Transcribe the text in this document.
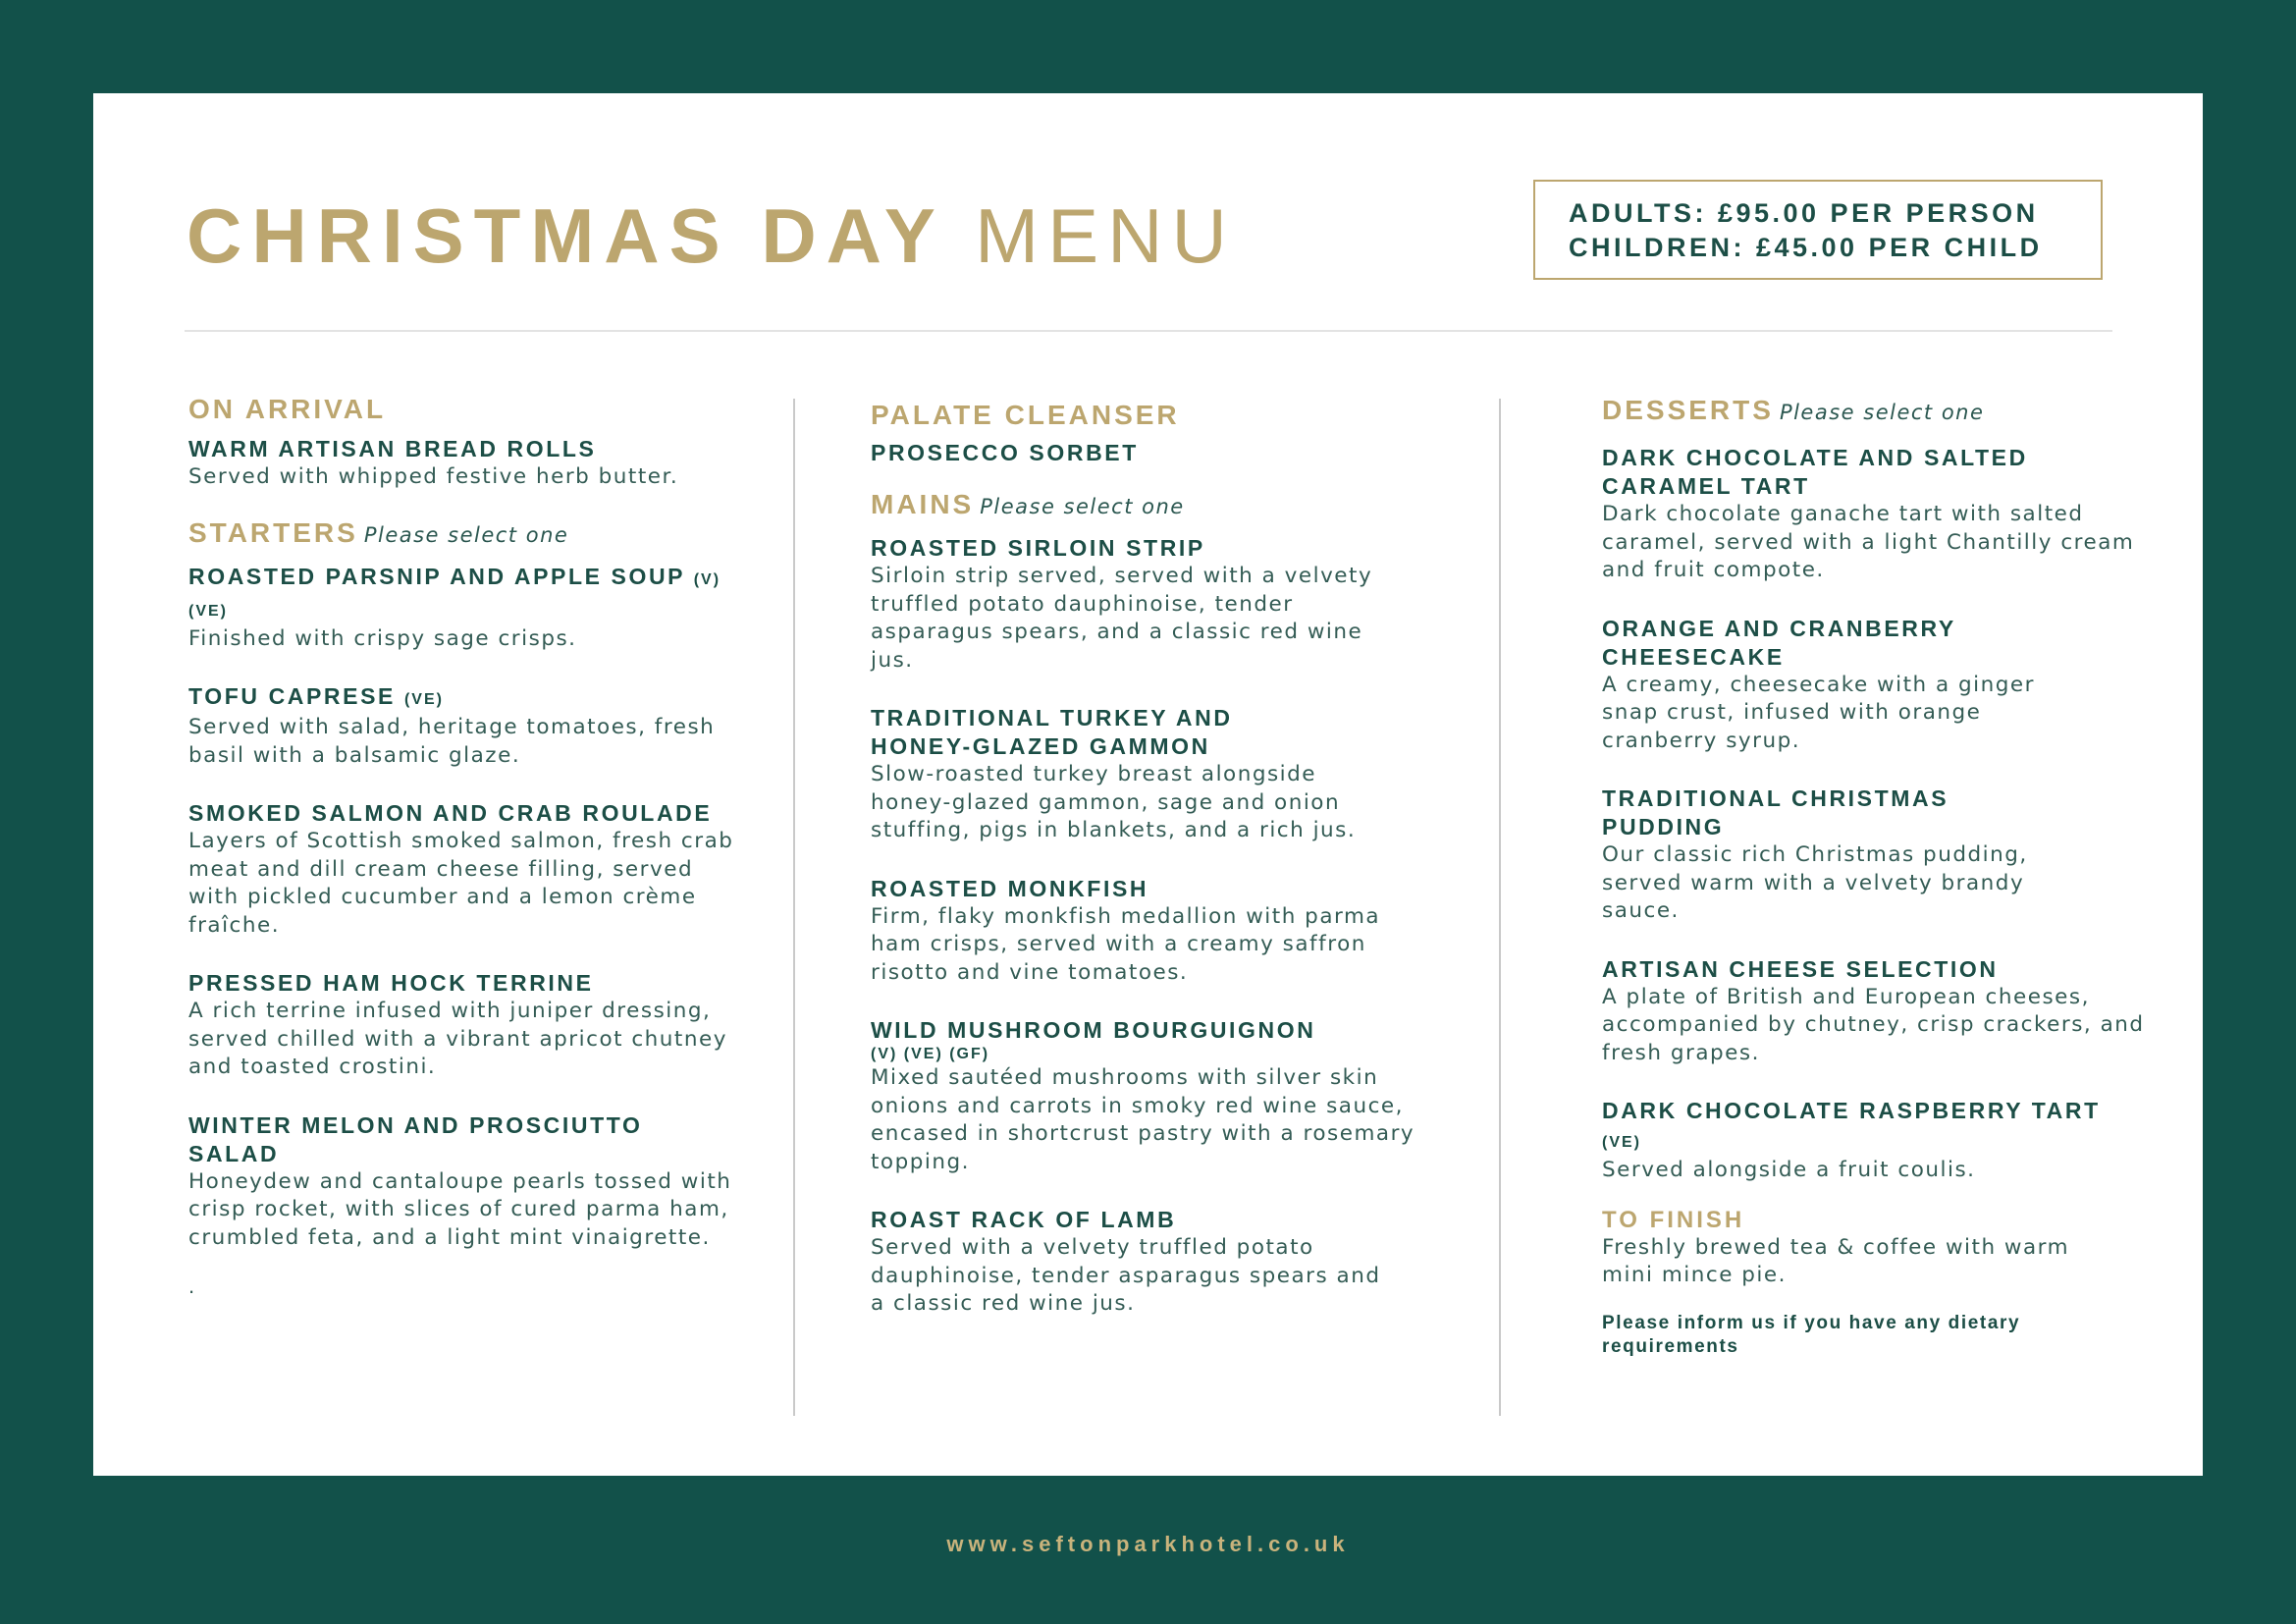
CHRISTMAS DAY MENU	ADULTS: £95.00 PER PERSON
CHILDREN: £45.00 PER CHILD

ON ARRIVAL

WARM ARTISAN BREAD ROLLS

Served with whipped festive herb butter.

STARTERS Please select one

ROASTED PARSNIP AND APPLE SOUP (V) (VE)

Finished with crispy sage crisps.

TOFU CAPRESE (VE)

Served with salad, heritage tomatoes, fresh basil with a balsamic glaze.

SMOKED SALMON AND CRAB ROULADE

Layers of Scottish smoked salmon, fresh crab meat and dill cream cheese filling, served with pickled cucumber and a lemon crème fraîche.

PRESSED HAM HOCK TERRINE

A rich terrine infused with juniper dressing, served chilled with a vibrant apricot chutney and toasted crostini.

WINTER MELON AND PROSCIUTTO SALAD

Honeydew and cantaloupe pearls tossed with crisp rocket, with slices of cured parma ham, crumbled feta, and a light mint vinaigrette.

.

PALATE CLEANSER

PROSECCO SORBET

MAINS Please select one

ROASTED SIRLOIN STRIP

Sirloin strip served, served with a velvety truffled potato dauphinoise, tender asparagus spears, and a classic red wine jus.

TRADITIONAL TURKEY AND HONEY-GLAZED GAMMON

Slow-roasted turkey breast alongside honey-glazed gammon, sage and onion stuffing, pigs in blankets, and a rich jus.

ROASTED MONKFISH

Firm, flaky monkfish medallion with parma ham crisps, served with a creamy saffron risotto and vine tomatoes.

WILD MUSHROOM BOURGUIGNON

(V) (VE) (GF)

Mixed sautéed mushrooms with silver skin onions and carrots in smoky red wine sauce, encased in shortcrust pastry with a rosemary topping.

ROAST RACK OF LAMB

Served with a velvety truffled potato dauphinoise, tender asparagus spears and a classic red wine jus.

DESSERTS Please select one

DARK CHOCOLATE AND SALTED CARAMEL TART

Dark chocolate ganache tart with salted caramel, served with a light Chantilly cream and fruit compote.

ORANGE AND CRANBERRY CHEESECAKE

A creamy, cheesecake with a ginger snap crust, infused with orange cranberry syrup.

TRADITIONAL CHRISTMAS PUDDING

Our classic rich Christmas pudding, served warm with a velvety brandy sauce.

ARTISAN CHEESE SELECTION

A plate of British and European cheeses, accompanied by chutney, crisp crackers, and fresh grapes.

DARK CHOCOLATE RASPBERRY TART (VE)

Served alongside a fruit coulis.

TO FINISH

Freshly brewed tea & coffee with warm mini mince pie.

Please inform us if you have any dietary requirements

www.seftonparkhotel.co.uk
